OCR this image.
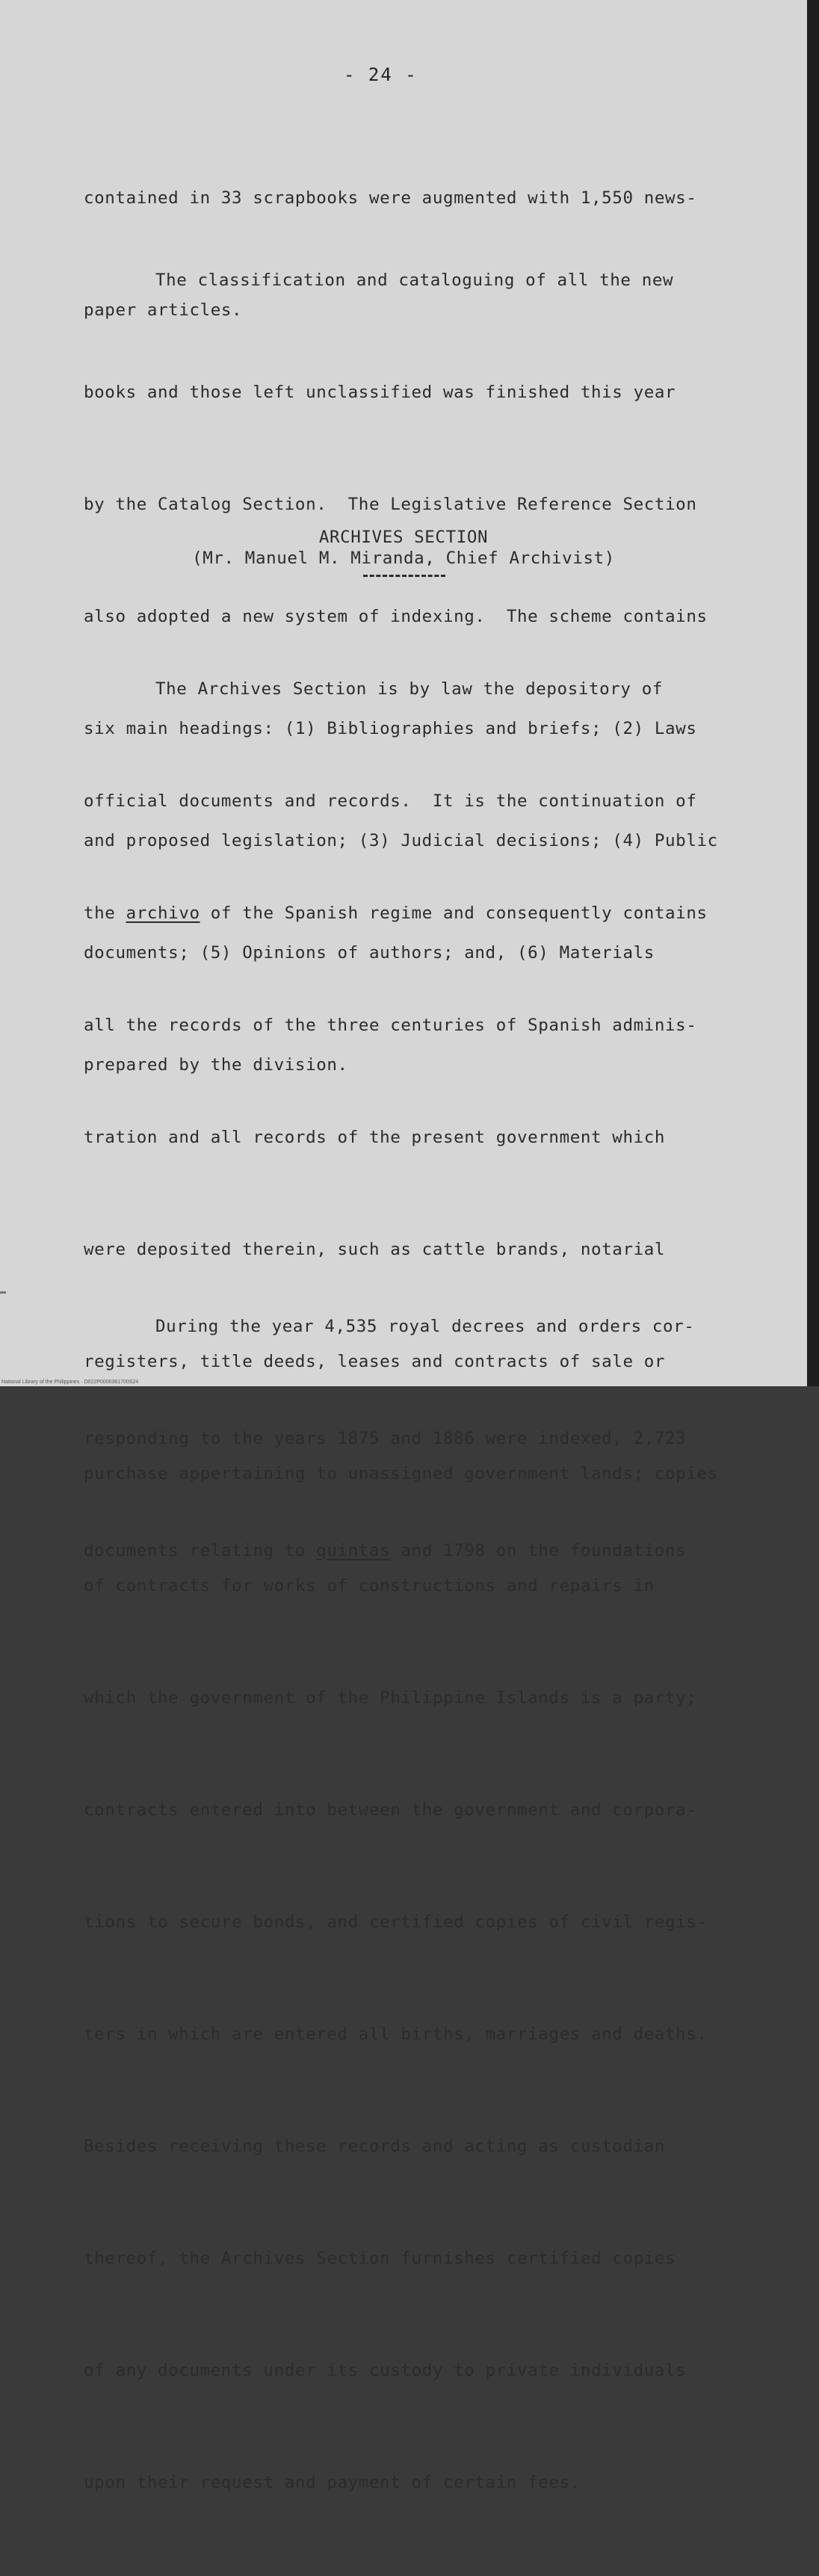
- 24 -

contained in 33 scrapbooks were augmented with 1,550 news-

paper articles.

The classification and cataloguing of all the new

books and those left unclassified was finished this year

by the Catalog Section.  The Legislative Reference Section

also adopted a new system of indexing.  The scheme contains

six main headings: (1) Bibliographies and briefs; (2) Laws

and proposed legislation; (3) Judicial decisions; (4) Public

documents; (5) Opinions of authors; and, (6) Materials

prepared by the division.

ARCHIVES SECTION
(Mr. Manuel M. Miranda, Chief Archivist)

The Archives Section is by law the depository of

official documents and records.  It is the continuation of

the archivo of the Spanish regime and consequently contains

all the records of the three centuries of Spanish adminis-

tration and all records of the present government which

were deposited therein, such as cattle brands, notarial

registers, title deeds, leases and contracts of sale or

purchase appertaining to unassigned government lands; copies

of contracts for works of constructions and repairs in

which the government of the Philippine Islands is a party;

contracts entered into between the government and corpora-

tions to secure bonds, and certified copies of civil regis-

ters in which are entered all births, marriages and deaths.

Besides receiving these records and acting as custodian

thereof, the Archives Section furnishes certified copies

of any documents under its custody to private individuals

upon their request and payment of certain fees.

During the year 4,535 royal decrees and orders cor-

responding to the years 1875 and 1886 were indexed, 2,723

documents relating to quintas and 1798 on the foundations

National Library of the Philippines · D022P0000361700S24
